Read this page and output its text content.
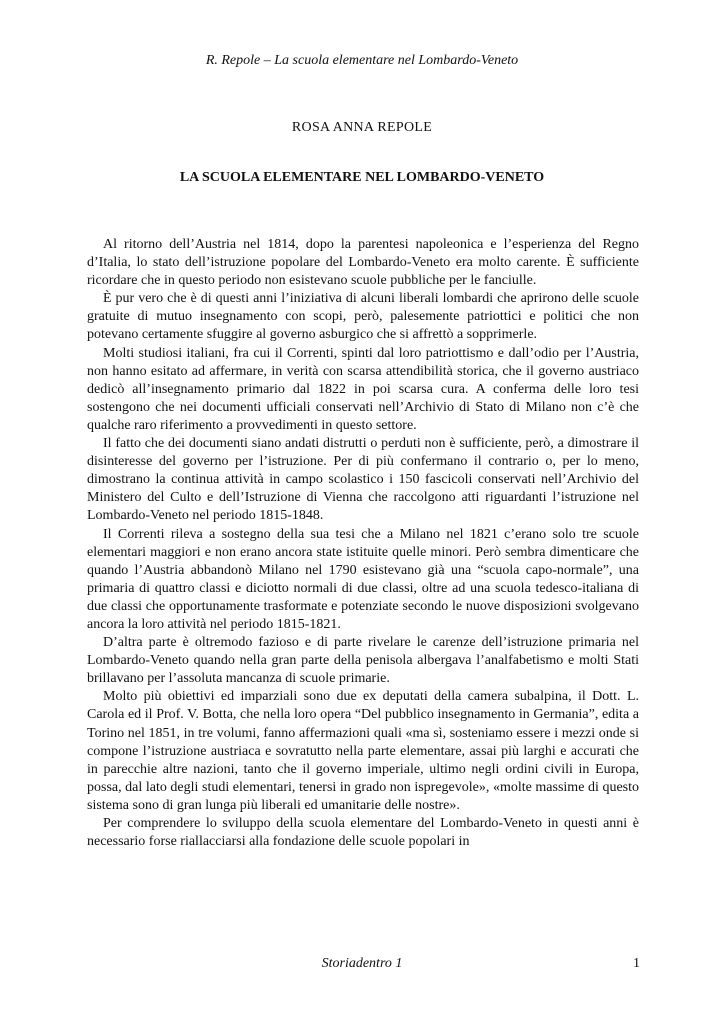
R. Repole – La scuola elementare nel Lombardo-Veneto
ROSA ANNA REPOLE
LA SCUOLA ELEMENTARE NEL LOMBARDO-VENETO

Al ritorno dell’Austria nel 1814, dopo la parentesi napoleonica e l’esperienza del Regno d’Italia, lo stato dell’istruzione popolare del Lombardo-Veneto era molto carente. È sufficiente ricordare che in questo periodo non esistevano scuole pubbliche per le fanciulle.

È pur vero che è di questi anni l’iniziativa di alcuni liberali lombardi che aprirono delle scuole gratuite di mutuo insegnamento con scopi, però, palesemente patriottici e politici che non potevano certamente sfuggire al governo asburgico che si affrettò a sopprimerle.

Molti studiosi italiani, fra cui il Correnti, spinti dal loro patriottismo e dall’odio per l’Austria, non hanno esitato ad affermare, in verità con scarsa attendibilità storica, che il governo austriaco dedicò all’insegnamento primario dal 1822 in poi scarsa cura. A conferma delle loro tesi sostengono che nei documenti ufficiali conservati nell’Archivio di Stato di Milano non c’è che qualche raro riferimento a provvedimenti in questo settore.

Il fatto che dei documenti siano andati distrutti o perduti non è sufficiente, però, a dimostrare il disinteresse del governo per l’istruzione. Per di più confermano il contrario o, per lo meno, dimostrano la continua attività in campo scolastico i 150 fascicoli conservati nell’Archivio del Ministero del Culto e dell’Istruzione di Vienna che raccolgono atti riguardanti l’istruzione nel Lombardo-Veneto nel periodo 1815-1848.

Il Correnti rileva a sostegno della sua tesi che a Milano nel 1821 c’erano solo tre scuole elementari maggiori e non erano ancora state istituite quelle minori. Però sembra dimenticare che quando l’Austria abbandonò Milano nel 1790 esistevano già una “scuola capo-normale”, una primaria di quattro classi e diciotto normali di due classi, oltre ad una scuola tedesco-italiana di due classi che opportunamente trasformate e potenziate secondo le nuove disposizioni svolgevano ancora la loro attività nel periodo 1815-1821.

D’altra parte è oltremodo fazioso e di parte rivelare le carenze dell’istruzione primaria nel Lombardo-Veneto quando nella gran parte della penisola albergava l’analfabetismo e molti Stati brillavano per l’assoluta mancanza di scuole primarie.

Molto più obiettivi ed imparziali sono due ex deputati della camera subalpina, il Dott. L. Carola ed il Prof. V. Botta, che nella loro opera “Del pubblico insegnamento in Germania”, edita a Torino nel 1851, in tre volumi, fanno affermazioni quali «ma sì, sosteniamo essere i mezzi onde si compone l’istruzione austriaca e sovratutto nella parte elementare, assai più larghi e accurati che in parecchie altre nazioni, tanto che il governo imperiale, ultimo negli ordini civili in Europa, possa, dal lato degli studi elementari, tenersi in grado non ispregevole», «molte massime di questo sistema sono di gran lunga più liberali ed umanitarie delle nostre».

Per comprendere lo sviluppo della scuola elementare del Lombardo-Veneto in questi anni è necessario forse riallacciarsi alla fondazione delle scuole popolari in

Storiadentro 1	1
